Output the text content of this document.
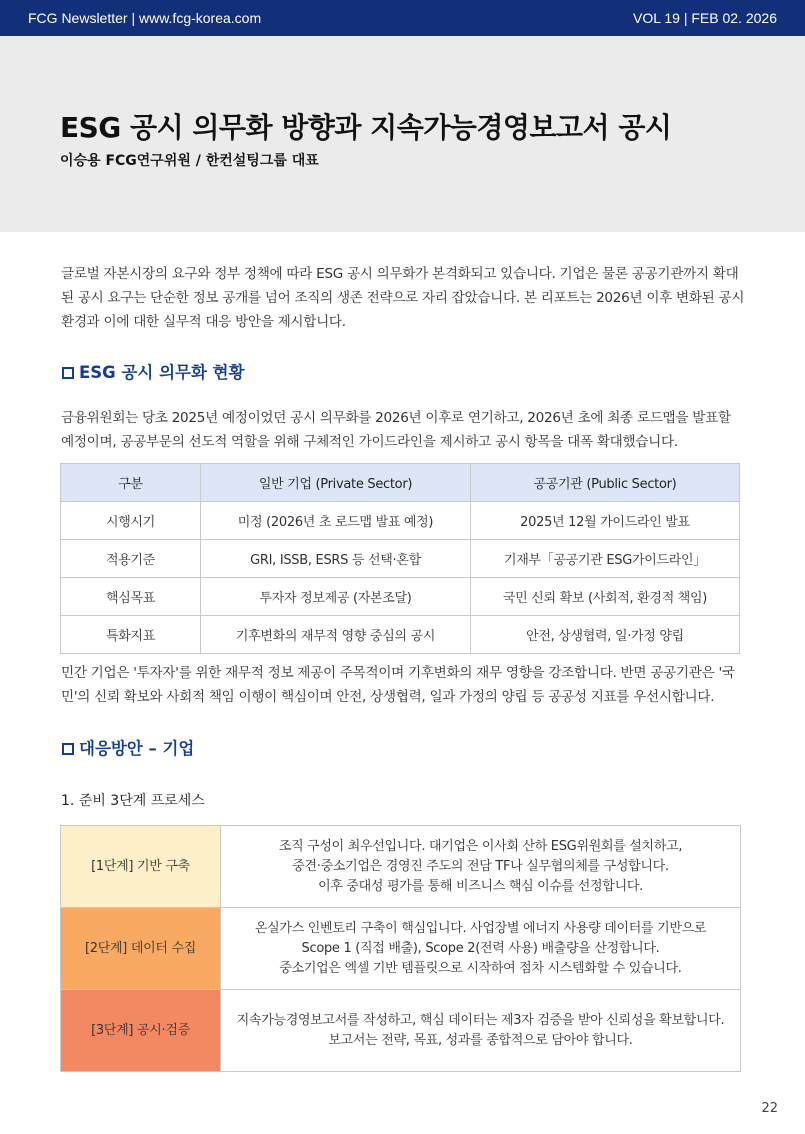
FCG Newsletter | www.fcg-korea.com	VOL 19 | FEB 02. 2026
ESG 공시 의무화 방향과 지속가능경영보고서 공시
이승용 FCG연구위원 / 한컨설팅그룹 대표
글로벌 자본시장의 요구와 정부 정책에 따라 ESG 공시 의무화가 본격화되고 있습니다. 기업은 물론 공공기관까지 확대
된 공시 요구는 단순한 정보 공개를 넘어 조직의 생존 전략으로 자리 잡았습니다. 본 리포트는 2026년 이후 변화된 공시
환경과 이에 대한 실무적 대응 방안을 제시합니다.
ESG 공시 의무화 현황
금융위원회는 당초 2025년 예정이었던 공시 의무화를 2026년 이후로 연기하고, 2026년 초에 최종 로드맵을 발표할
예정이며, 공공부문의 선도적 역할을 위해 구체적인 가이드라인을 제시하고 공시 항목을 대폭 확대했습니다.
구분	일반 기업 (Private Sector)	공공기관 (Public Sector)
시행시기	미정 (2026년 초 로드맵 발표 예정)	2025년 12월 가이드라인 발표
적용기준	GRI, ISSB, ESRS 등 선택·혼합	기재부「공공기관 ESG가이드라인」
핵심목표	투자자 정보제공 (자본조달)	국민 신뢰 확보 (사회적, 환경적 책임)
특화지표	기후변화의 재무적 영향 중심의 공시	안전, 상생협력, 일·가정 양립
민간 기업은 '투자자'를 위한 재무적 정보 제공이 주목적이며 기후변화의 재무 영향을 강조합니다. 반면 공공기관은 '국
민'의 신뢰 확보와 사회적 책임 이행이 핵심이며 안전, 상생협력, 일과 가정의 양립 등 공공성 지표를 우선시합니다.
대응방안 – 기업
1. 준비 3단계 프로세스
[1단계] 기반 구축	조직 구성이 최우선입니다. 대기업은 이사회 산하 ESG위원회를 설치하고,
중견·중소기업은 경영진 주도의 전담 TF나 실무협의체를 구성합니다.
이후 중대성 평가를 통해 비즈니스 핵심 이슈를 선정합니다.

[2단계] 데이터 수집	온실가스 인벤토리 구축이 핵심입니다. 사업장별 에너지 사용량 데이터를 기반으로
Scope 1 (직접 배출), Scope 2(전력 사용) 배출량을 산정합니다.
중소기업은 엑셀 기반 템플릿으로 시작하여 점차 시스템화할 수 있습니다.

[3단계] 공시·검증	지속가능경영보고서를 작성하고, 핵심 데이터는 제3자 검증을 받아 신뢰성을 확보합니다.
보고서는 전략, 목표, 성과를 종합적으로 담아야 합니다.
22
